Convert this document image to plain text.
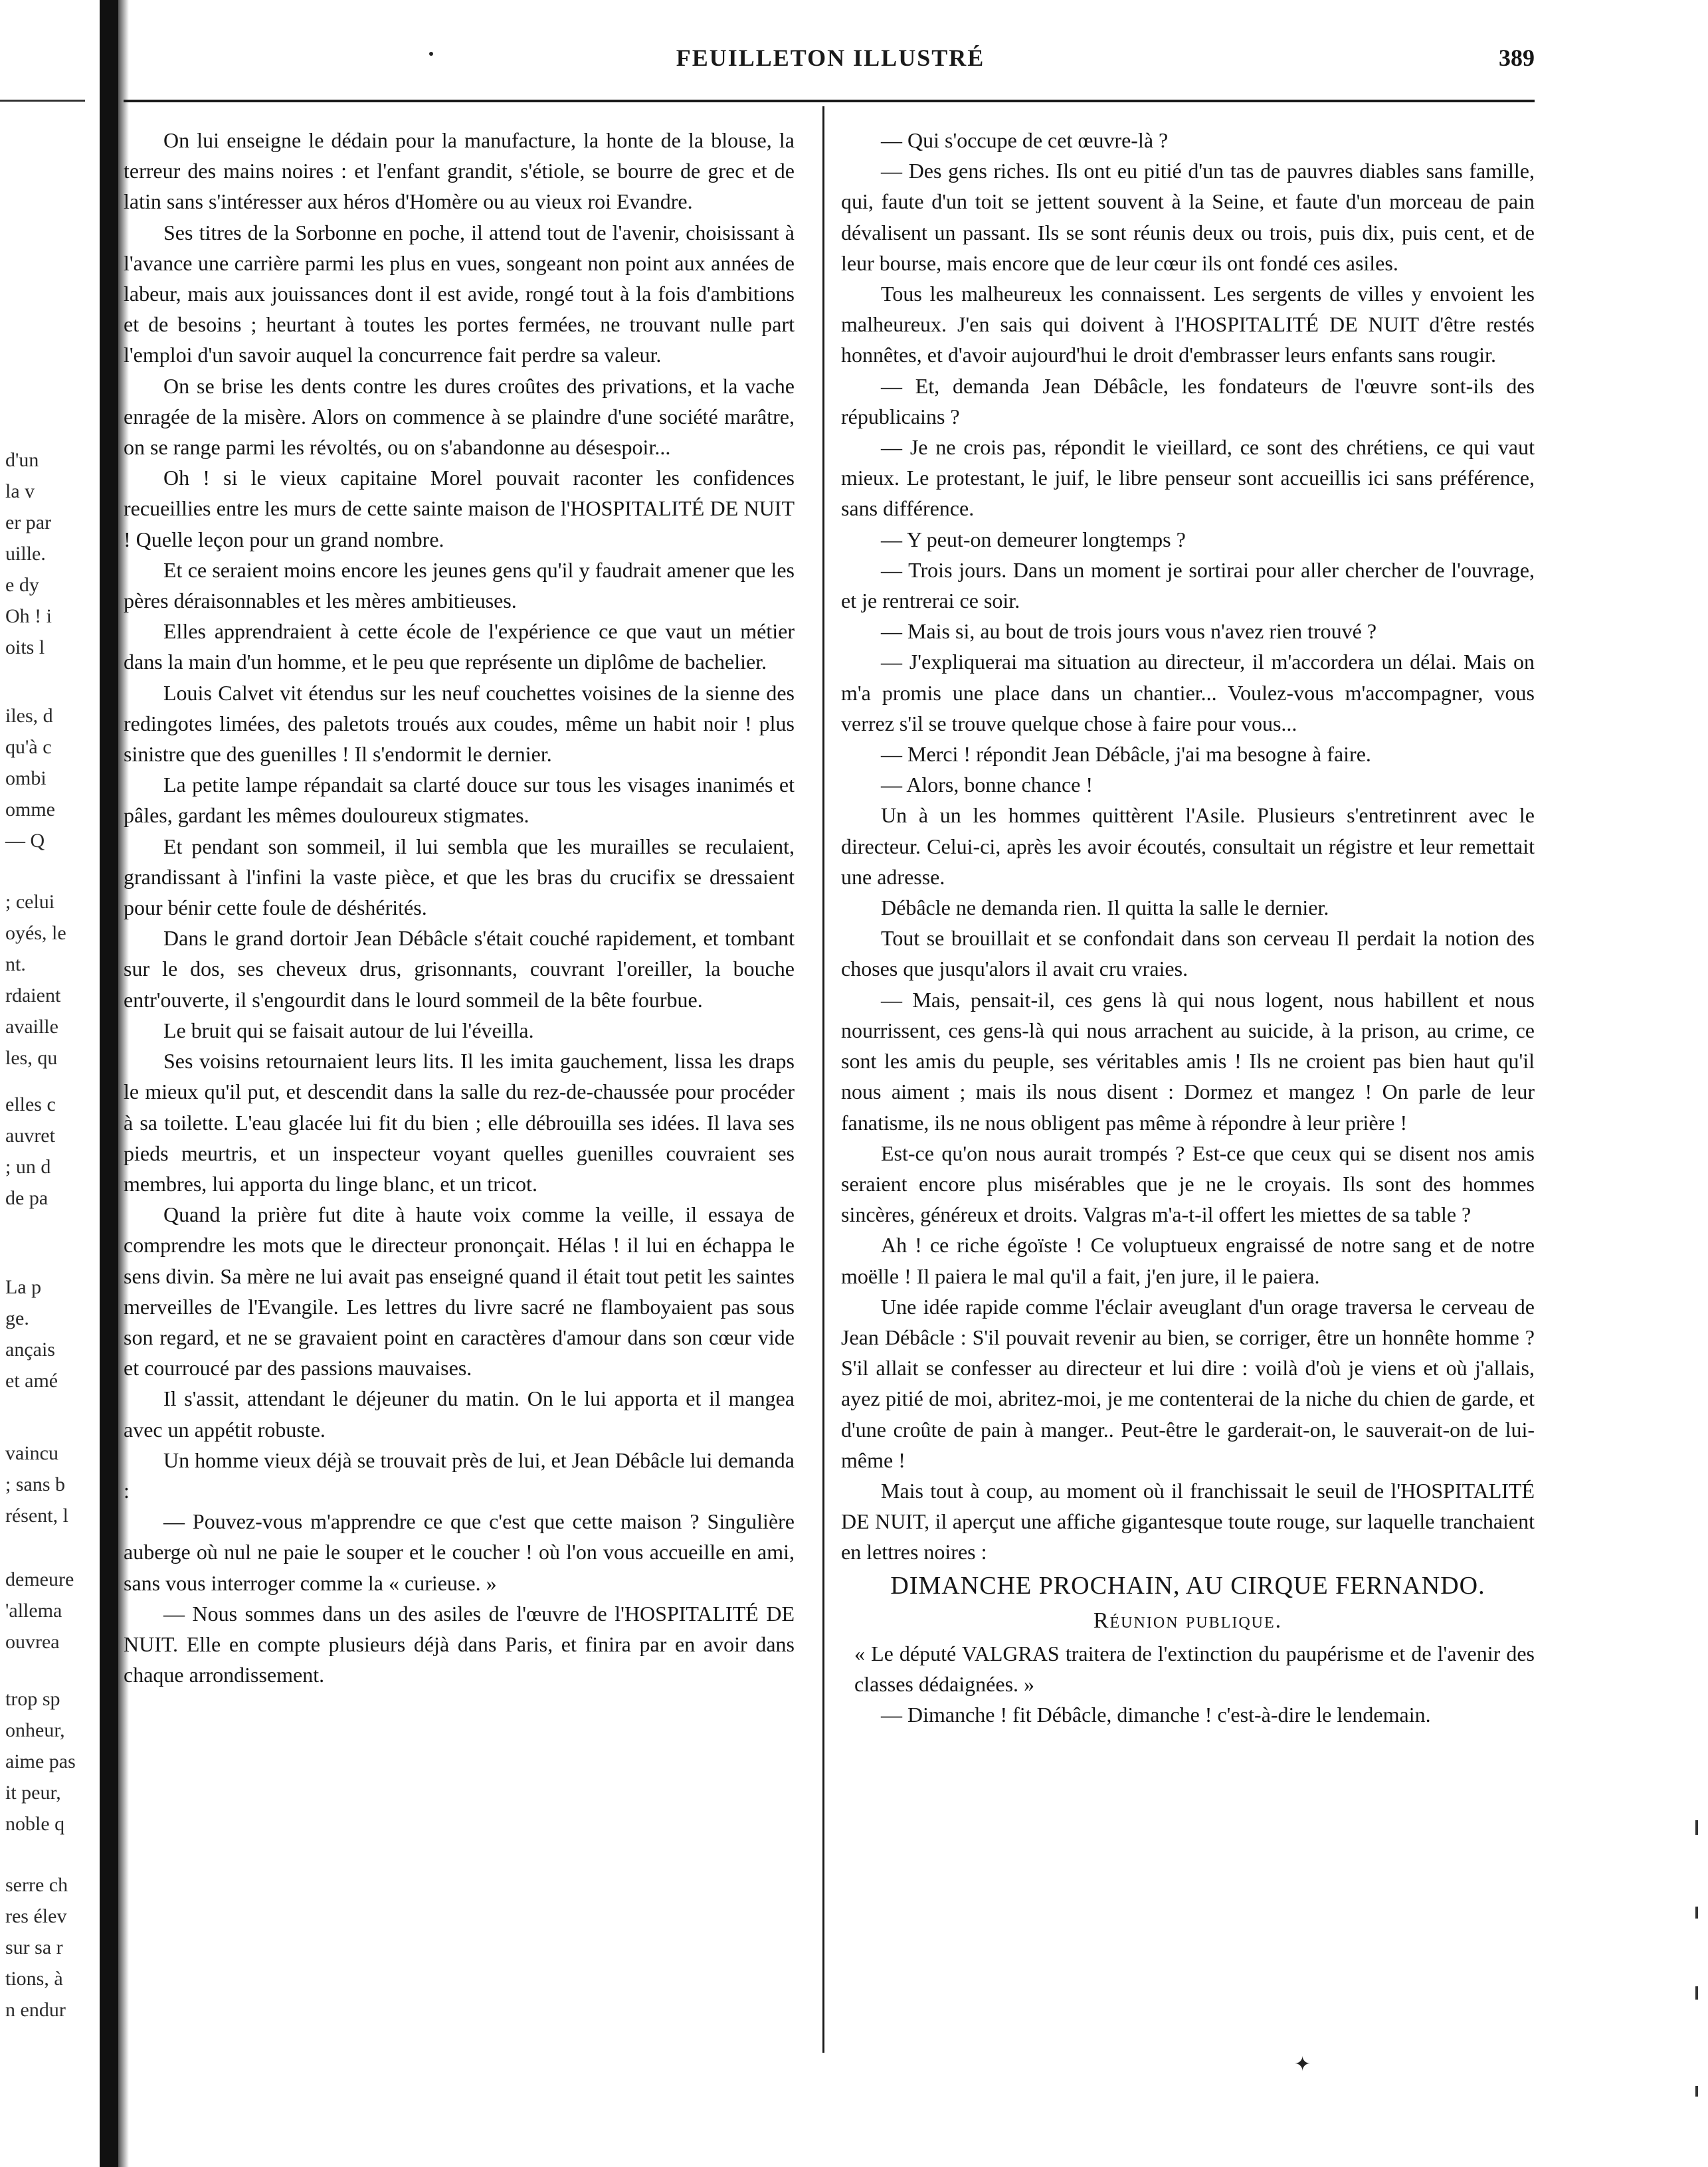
d'un
la v
er par
uille.
e dy
Oh ! i
oits l
iles, d
qu'à c
ombi
omme
— Q
; celui
oyés, le
nt.
rdaient
availle
les, qu
elles c
auvret
; un d
de pa
La p
ge.
ançais
et amé
vaincu
; sans b
résent, l
demeure
'allema
ouvrea
trop sp
onheur,
aime pas
it peur,
noble q
serre ch
res élev
sur sa r
tions, à
n endur
FEUILLETON ILLUSTRÉ	389

On lui enseigne le dédain pour la manufacture, la honte de la blouse, la terreur des mains noires : et l'enfant grandit, s'étiole, se bourre de grec et de latin sans s'intéresser aux héros d'Homère ou au vieux roi Evandre.

Ses titres de la Sorbonne en poche, il attend tout de l'avenir, choisissant à l'avance une carrière parmi les plus en vues, songeant non point aux années de labeur, mais aux jouissances dont il est avide, rongé tout à la fois d'ambitions et de besoins ; heurtant à toutes les portes fermées, ne trouvant nulle part l'emploi d'un savoir auquel la concurrence fait perdre sa valeur.

On se brise les dents contre les dures croûtes des privations, et la vache enragée de la misère. Alors on commence à se plaindre d'une société marâtre, on se range parmi les révoltés, ou on s'abandonne au désespoir...

Oh ! si le vieux capitaine Morel pouvait raconter les confidences recueillies entre les murs de cette sainte maison de l'HOSPITALITÉ DE NUIT ! Quelle leçon pour un grand nombre.

Et ce seraient moins encore les jeunes gens qu'il y faudrait amener que les pères déraisonnables et les mères ambitieuses.

Elles apprendraient à cette école de l'expérience ce que vaut un métier dans la main d'un homme, et le peu que représente un diplôme de bachelier.

Louis Calvet vit étendus sur les neuf couchettes voisines de la sienne des redingotes limées, des paletots troués aux coudes, même un habit noir ! plus sinistre que des guenilles ! Il s'endormit le dernier.

La petite lampe répandait sa clarté douce sur tous les visages inanimés et pâles, gardant les mêmes douloureux stigmates.

Et pendant son sommeil, il lui sembla que les murailles se reculaient, grandissant à l'infini la vaste pièce, et que les bras du crucifix se dressaient pour bénir cette foule de déshérités.

Dans le grand dortoir Jean Débâcle s'était couché rapidement, et tombant sur le dos, ses cheveux drus, grisonnants, couvrant l'oreiller, la bouche entr'ouverte, il s'engourdit dans le lourd sommeil de la bête fourbue.

Le bruit qui se faisait autour de lui l'éveilla.

Ses voisins retournaient leurs lits. Il les imita gauchement, lissa les draps le mieux qu'il put, et descendit dans la salle du rez-de-chaussée pour procéder à sa toilette. L'eau glacée lui fit du bien ; elle débrouilla ses idées. Il lava ses pieds meurtris, et un inspecteur voyant quelles guenilles couvraient ses membres, lui apporta du linge blanc, et un tricot.

Quand la prière fut dite à haute voix comme la veille, il essaya de comprendre les mots que le directeur prononçait. Hélas ! il lui en échappa le sens divin. Sa mère ne lui avait pas enseigné quand il était tout petit les saintes merveilles de l'Evangile. Les lettres du livre sacré ne flamboyaient pas sous son regard, et ne se gravaient point en caractères d'amour dans son cœur vide et courroucé par des passions mauvaises.

Il s'assit, attendant le déjeuner du matin. On le lui apporta et il mangea avec un appétit robuste.

Un homme vieux déjà se trouvait près de lui, et Jean Débâcle lui demanda :

— Pouvez-vous m'apprendre ce que c'est que cette maison ? Singulière auberge où nul ne paie le souper et le coucher ! où l'on vous accueille en ami, sans vous interroger comme la « curieuse. »

— Nous sommes dans un des asiles de l'œuvre de l'HOSPITALITÉ DE NUIT. Elle en compte plusieurs déjà dans Paris, et finira par en avoir dans chaque arrondissement.

— Qui s'occupe de cet œuvre-là ?

— Des gens riches. Ils ont eu pitié d'un tas de pauvres diables sans famille, qui, faute d'un toit se jettent souvent à la Seine, et faute d'un morceau de pain dévalisent un passant. Ils se sont réunis deux ou trois, puis dix, puis cent, et de leur bourse, mais encore que de leur cœur ils ont fondé ces asiles.

Tous les malheureux les connaissent. Les sergents de villes y envoient les malheureux. J'en sais qui doivent à l'HOSPITALITÉ DE NUIT d'être restés honnêtes, et d'avoir aujourd'hui le droit d'embrasser leurs enfants sans rougir.

— Et, demanda Jean Débâcle, les fondateurs de l'œuvre sont-ils des républicains ?

— Je ne crois pas, répondit le vieillard, ce sont des chrétiens, ce qui vaut mieux. Le protestant, le juif, le libre penseur sont accueillis ici sans préférence, sans différence.

— Y peut-on demeurer longtemps ?

— Trois jours. Dans un moment je sortirai pour aller chercher de l'ouvrage, et je rentrerai ce soir.

— Mais si, au bout de trois jours vous n'avez rien trouvé ?

— J'expliquerai ma situation au directeur, il m'accordera un délai. Mais on m'a promis une place dans un chantier... Voulez-vous m'accompagner, vous verrez s'il se trouve quelque chose à faire pour vous...

— Merci ! répondit Jean Débâcle, j'ai ma besogne à faire.

— Alors, bonne chance !

Un à un les hommes quittèrent l'Asile. Plusieurs s'entretinrent avec le directeur. Celui-ci, après les avoir écoutés, consultait un régistre et leur remettait une adresse.

Débâcle ne demanda rien. Il quitta la salle le dernier.

Tout se brouillait et se confondait dans son cerveau Il perdait la notion des choses que jusqu'alors il avait cru vraies.

— Mais, pensait-il, ces gens là qui nous logent, nous habillent et nous nourrissent, ces gens-là qui nous arrachent au suicide, à la prison, au crime, ce sont les amis du peuple, ses véritables amis ! Ils ne croient pas bien haut qu'il nous aiment ; mais ils nous disent : Dormez et mangez ! On parle de leur fanatisme, ils ne nous obligent pas même à répondre à leur prière !

Est-ce qu'on nous aurait trompés ? Est-ce que ceux qui se disent nos amis seraient encore plus misérables que je ne le croyais. Ils sont des hommes sincères, généreux et droits. Valgras m'a-t-il offert les miettes de sa table ?

Ah ! ce riche égoïste ! Ce voluptueux engraissé de notre sang et de notre moëlle ! Il paiera le mal qu'il a fait, j'en jure, il le paiera.

Une idée rapide comme l'éclair aveuglant d'un orage traversa le cerveau de Jean Débâcle : S'il pouvait revenir au bien, se corriger, être un honnête homme ? S'il allait se confesser au directeur et lui dire : voilà d'où je viens et où j'allais, ayez pitié de moi, abritez-moi, je me contenterai de la niche du chien de garde, et d'une croûte de pain à manger.. Peut-être le garderait-on, le sauverait-on de lui-même !

Mais tout à coup, au moment où il franchissait le seuil de l'HOSPITALITÉ DE NUIT, il aperçut une affiche gigantesque toute rouge, sur laquelle tranchaient en lettres noires :

DIMANCHE PROCHAIN, AU CIRQUE FERNANDO.

Réunion publique.

« Le député VALGRAS traitera de l'extinction du paupérisme et de l'avenir des classes dédaignées. »

— Dimanche ! fit Débâcle, dimanche ! c'est-à-dire le lendemain.

✦
